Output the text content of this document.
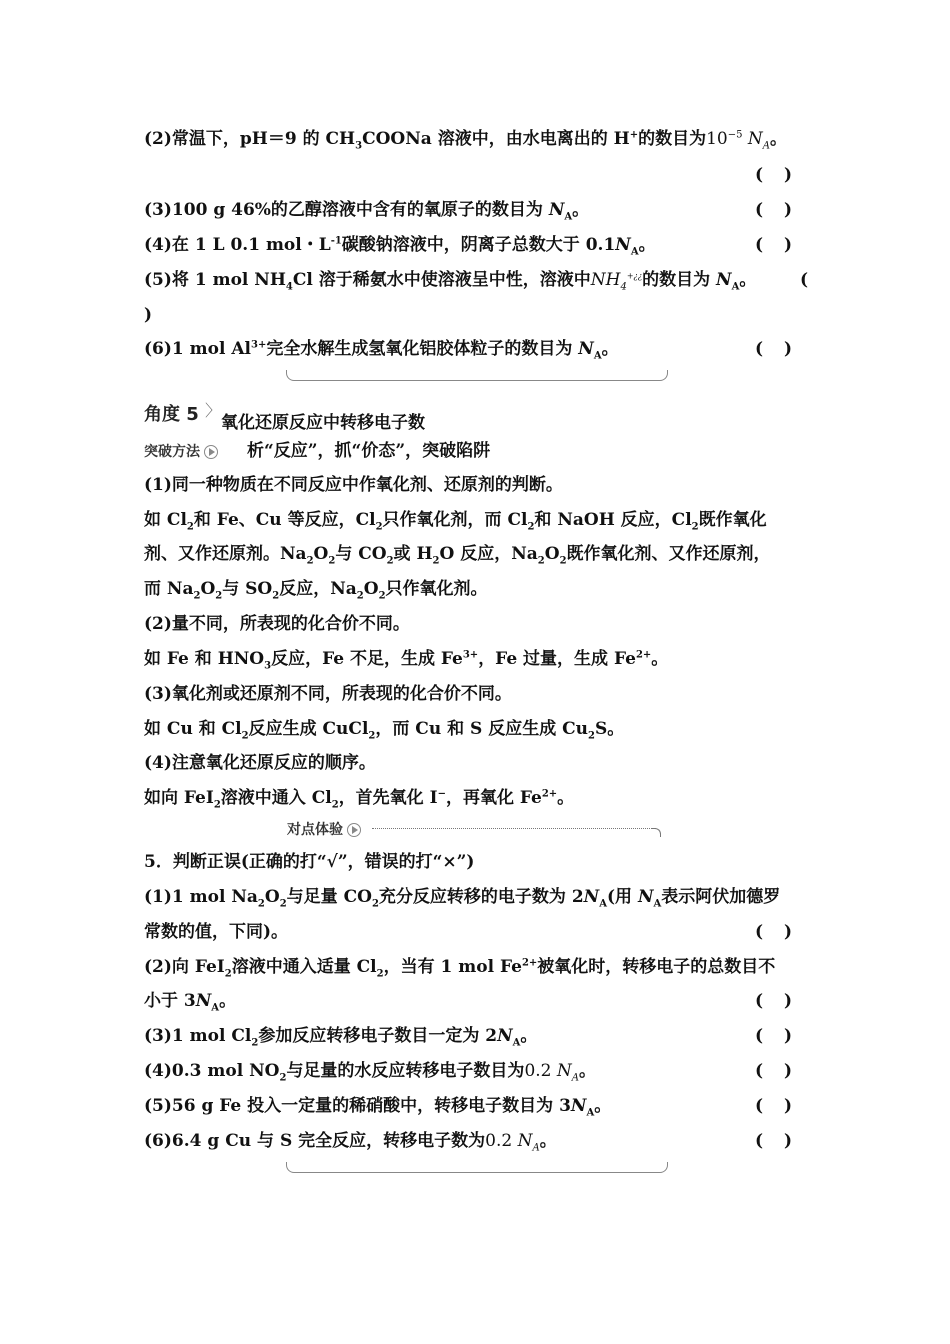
(2)常温下，pH＝9 的 $CH_3COONa$ 溶液中，由水电离出的 H+的数目为$10^{-5}$ $N_A$。
(　)
(3)100 g 46%的乙醇溶液中含有的氧原子的数目为 $N_A$。	(　)
(4)在 1 L 0.1 mol・$L^{-1}$碳酸钠溶液中，阴离子总数大于 $0.1N_A$。	(　)
(5)将 1 mol $NH_4Cl$ 溶于稀氨水中使溶液呈中性，溶液中$NH_4^{+¿¿}$的数目为 $N_A$。	(
)
(6)1 mol $Al^{3+}$完全水解生成氢氧化铝胶体粒子的数目为 $N_A$。	(　)
角度 5 〉
氧化还原反应中转移电子数
突破方法	析“反应”，抓“价态”，突破陷阱
(1)同一种物质在不同反应中作氧化剂、还原剂的判断。
如 $Cl_2$和 Fe、Cu 等反应，$Cl_2$只作氧化剂，而 $Cl_2$和 NaOH 反应，$Cl_2$既作氧化
剂、又作还原剂。$Na_2O_2$与 $CO_2$或 $H_2O$ 反应，$Na_2O_2$既作氧化剂、又作还原剂，
而 $Na_2O_2$与 $SO_2$反应，$Na_2O_2$只作氧化剂。
(2)量不同，所表现的化合价不同。
如 Fe 和 $HNO_3$反应，Fe 不足，生成 $Fe^{3+}$，Fe 过量，生成 $Fe^{2+}$。
(3)氧化剂或还原剂不同，所表现的化合价不同。
如 Cu 和 $Cl_2$反应生成 CuCl$_2$，而 Cu 和 S 反应生成 $Cu_2S$。
(4)注意氧化还原反应的顺序。
如向 FeI$_2$溶液中通入 $Cl_2$，首先氧化 I−，再氧化 $Fe^{2+}$。
对点体验
5．判断正误(正确的打“√”，错误的打“×”)
(1)1 mol $Na_2O_2$与足量 $CO_2$充分反应转移的电子数为 $2N_A$(用 $N_A$表示阿伏加德罗
常数的值，下同)。	(　)
(2)向 FeI$_2$溶液中通入适量 $Cl_2$，当有 1 mol $Fe^{2+}$被氧化时，转移电子的总数目不
小于 $3N_A$。	(　)
(3)1 mol $Cl_2$参加反应转移电子数目一定为 $2N_A$。	(　)
(4)0.3 mol $NO_2$与足量的水反应转移电子数目为0.2 $N_A$。	(　)
(5)56 g Fe 投入一定量的稀硝酸中，转移电子数目为 $3N_A$。	(　)
(6)6.4 g Cu 与 S 完全反应，转移电子数为0.2 $N_A$。	(　)
